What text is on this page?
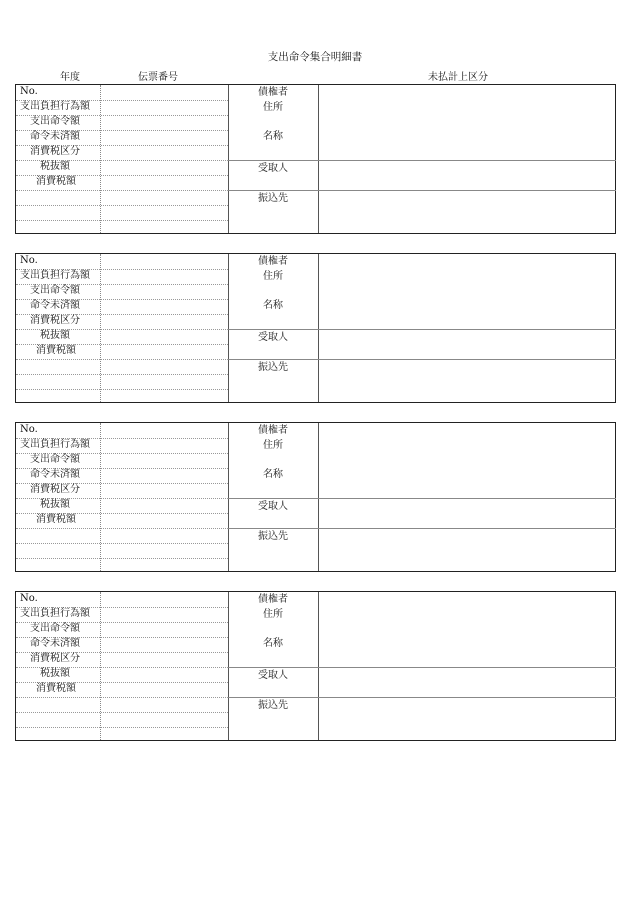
支出命令集合明細書
年度	伝票番号	未払計上区分
No.
支出負担行為額
支出命令額
命令未済額
消費税区分
税抜額
消費税額
債権者
住所
名称
受取人
振込先
No.
支出負担行為額
支出命令額
命令未済額
消費税区分
税抜額
消費税額
債権者
住所
名称
受取人
振込先
No.
支出負担行為額
支出命令額
命令未済額
消費税区分
税抜額
消費税額
債権者
住所
名称
受取人
振込先
No.
支出負担行為額
支出命令額
命令未済額
消費税区分
税抜額
消費税額
債権者
住所
名称
受取人
振込先
